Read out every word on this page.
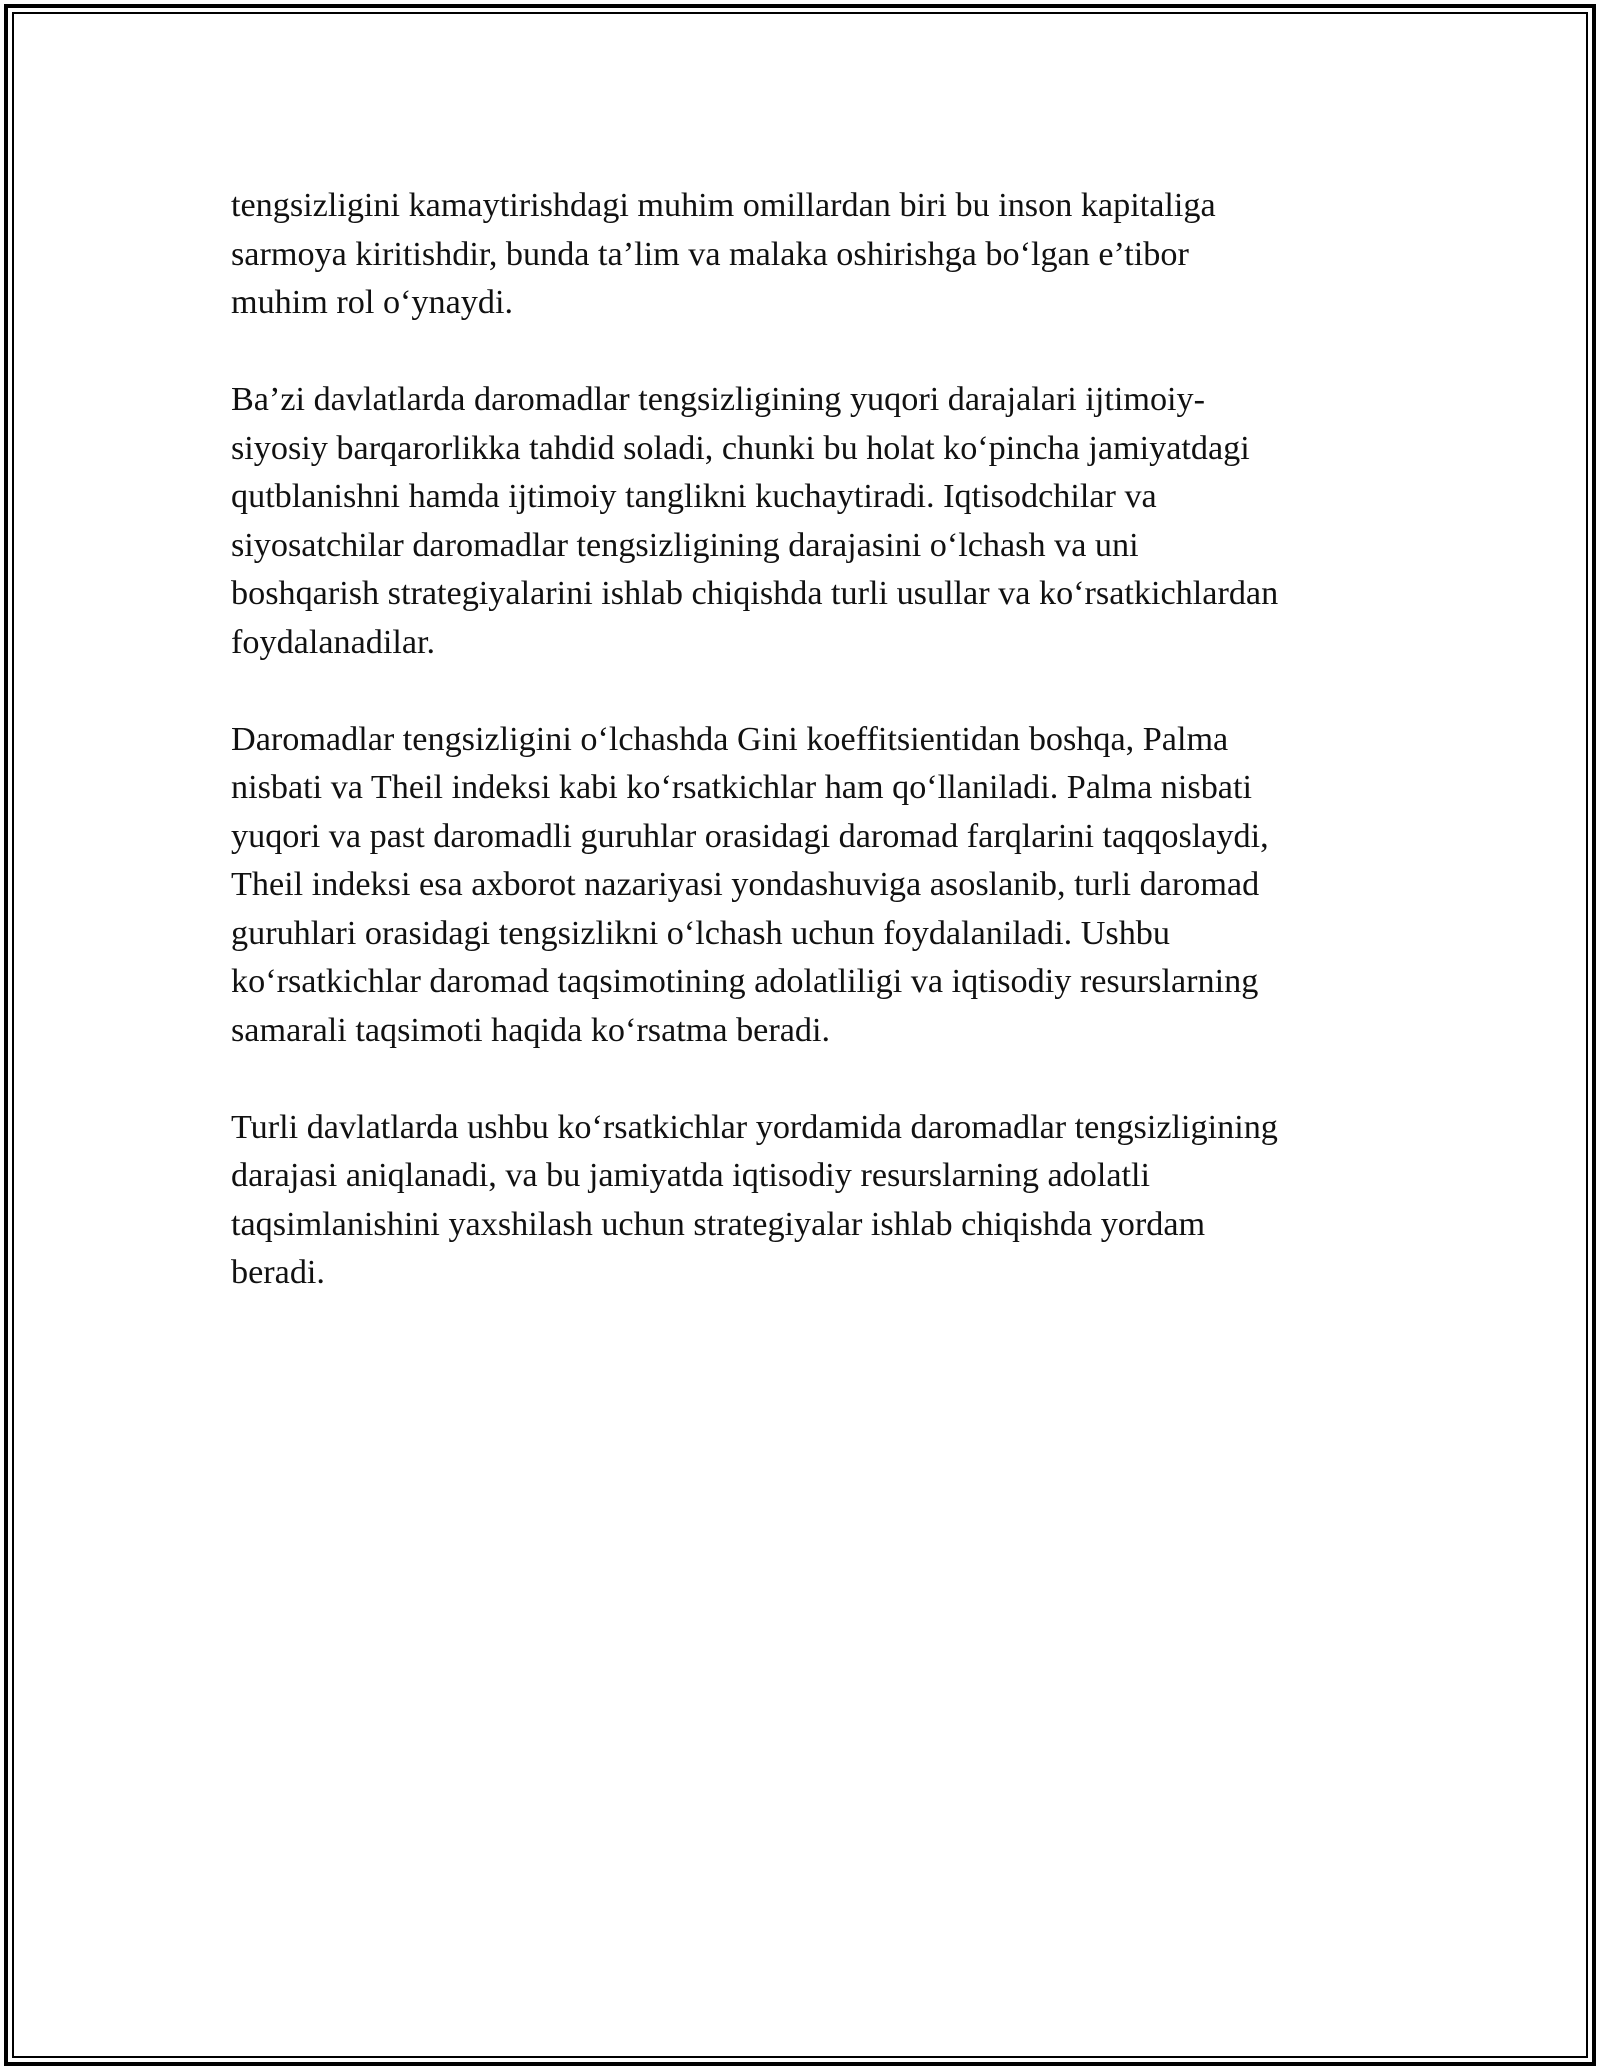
tengsizligini kamaytirishdagi muhim omillardan biri bu inson kapitaliga
sarmoya kiritishdir, bunda ta’lim va malaka oshirishga bo‘lgan e’tibor
muhim rol o‘ynaydi.

Ba’zi davlatlarda daromadlar tengsizligining yuqori darajalari ijtimoiy-
siyosiy barqarorlikka tahdid soladi, chunki bu holat ko‘pincha jamiyatdagi
qutblanishni hamda ijtimoiy tanglikni kuchaytiradi. Iqtisodchilar va
siyosatchilar daromadlar tengsizligining darajasini o‘lchash va uni
boshqarish strategiyalarini ishlab chiqishda turli usullar va ko‘rsatkichlardan
foydalanadilar.

Daromadlar tengsizligini o‘lchashda Gini koeffitsientidan boshqa, Palma
nisbati va Theil indeksi kabi ko‘rsatkichlar ham qo‘llaniladi. Palma nisbati
yuqori va past daromadli guruhlar orasidagi daromad farqlarini taqqoslaydi,
Theil indeksi esa axborot nazariyasi yondashuviga asoslanib, turli daromad
guruhlari orasidagi tengsizlikni o‘lchash uchun foydalaniladi. Ushbu
ko‘rsatkichlar daromad taqsimotining adolatliligi va iqtisodiy resurslarning
samarali taqsimoti haqida ko‘rsatma beradi.

Turli davlatlarda ushbu ko‘rsatkichlar yordamida daromadlar tengsizligining
darajasi aniqlanadi, va bu jamiyatda iqtisodiy resurslarning adolatli
taqsimlanishini yaxshilash uchun strategiyalar ishlab chiqishda yordam
beradi.
